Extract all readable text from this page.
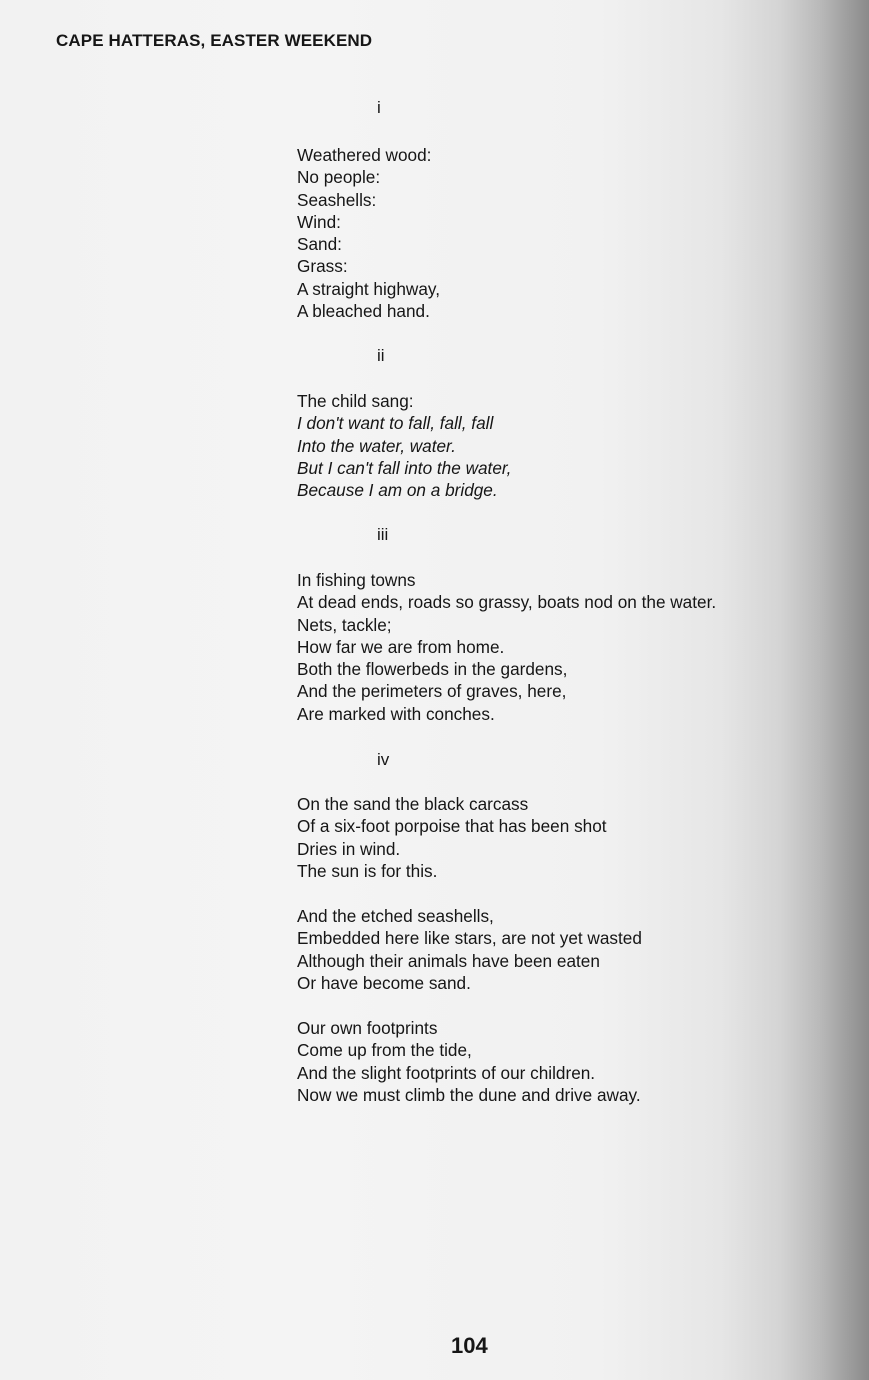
CAPE HATTERAS, EASTER WEEKEND
i
Weathered wood:
No people:
Seashells:
Wind:
Sand:
Grass:
A straight highway,
A bleached hand.
ii
The child sang:
I don't want to fall, fall, fall
Into the water, water.
But I can't fall into the water,
Because I am on a bridge.
iii
In fishing towns
At dead ends, roads so grassy, boats nod on the water.
Nets, tackle;
How far we are from home.
Both the flowerbeds in the gardens,
And the perimeters of graves, here,
Are marked with conches.
iv
On the sand the black carcass
Of a six-foot porpoise that has been shot
Dries in wind.
The sun is for this.
And the etched seashells,
Embedded here like stars, are not yet wasted
Although their animals have been eaten
Or have become sand.
Our own footprints
Come up from the tide,
And the slight footprints of our children.
Now we must climb the dune and drive away.
104
